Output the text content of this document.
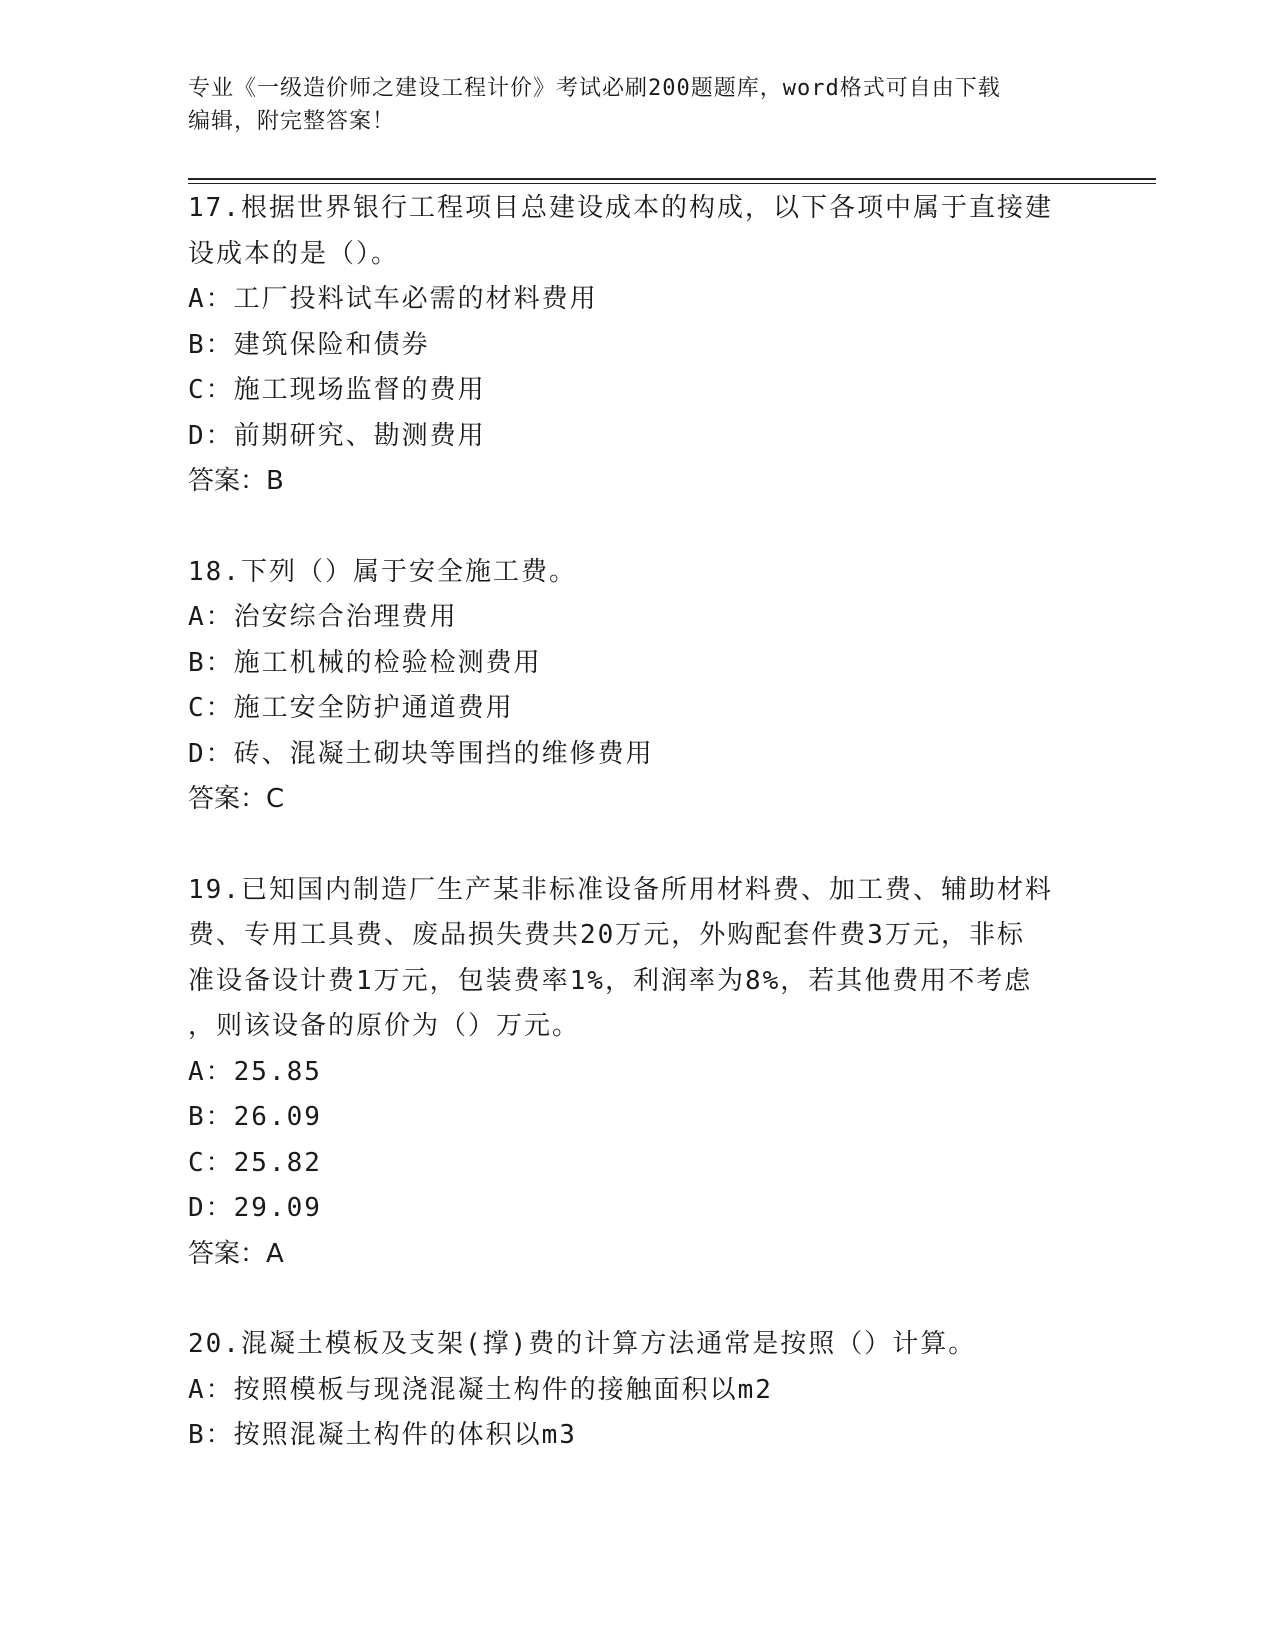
专业《一级造价师之建设工程计价》考试必刷200题题库，word格式可自由下载
编辑，附完整答案！

17.根据世界银行工程项目总建设成本的构成，以下各项中属于直接建

设成本的是（）。

A：工厂投料试车必需的材料费用

B：建筑保险和债券

C：施工现场监督的费用

D：前期研究、勘测费用

答案：B

18.下列（）属于安全施工费。

A：治安综合治理费用

B：施工机械的检验检测费用

C：施工安全防护通道费用

D：砖、混凝土砌块等围挡的维修费用

答案：C

19.已知国内制造厂生产某非标准设备所用材料费、加工费、辅助材料

费、专用工具费、废品损失费共20万元，外购配套件费3万元，非标

准设备设计费1万元，包装费率1%，利润率为8%，若其他费用不考虑

，则该设备的原价为（）万元。

A：25.85

B：26.09

C：25.82

D：29.09

答案：A

20.混凝土模板及支架(撑)费的计算方法通常是按照（）计算。

A：按照模板与现浇混凝土构件的接触面积以m2

B：按照混凝土构件的体积以m3
